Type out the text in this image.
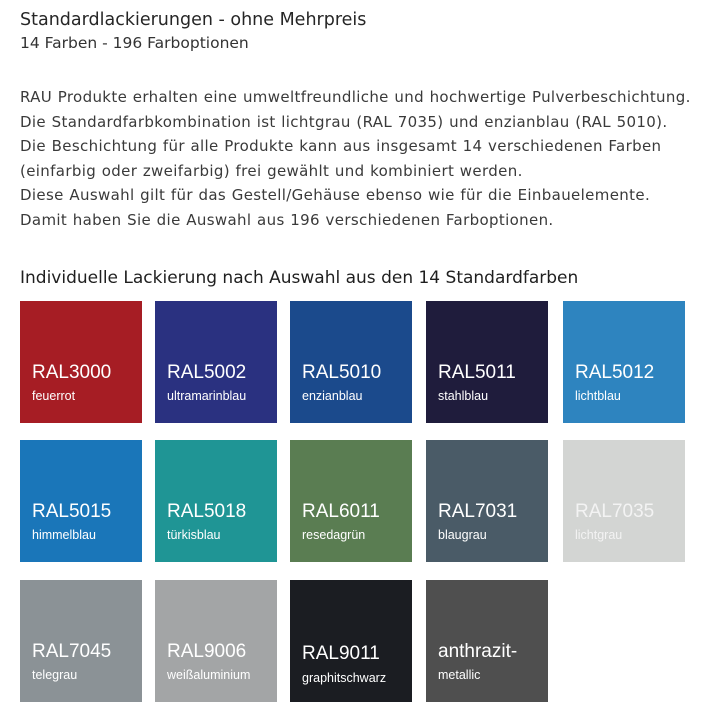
Standardlackierungen - ohne Mehrpreis
14 Farben - 196 Farboptionen
RAU Produkte erhalten eine umweltfreundliche und hochwertige Pulverbeschichtung.
Die Standardfarbkombination ist lichtgrau (RAL 7035) und enzianblau (RAL 5010).
Die Beschichtung für alle Produkte kann aus insgesamt 14 verschiedenen Farben
(einfarbig oder zweifarbig) frei gewählt und kombiniert werden.
Diese Auswahl gilt für das Gestell/Gehäuse ebenso wie für die Einbauelemente.
Damit haben Sie die Auswahl aus 196 verschiedenen Farboptionen.
Individuelle Lackierung nach Auswahl aus den 14 Standardfarben
RAL3000
feuerrot
RAL5002
ultramarinblau
RAL5010
enzianblau
RAL5011
stahlblau
RAL5012
lichtblau
RAL5015
himmelblau
RAL5018
türkisblau
RAL6011
resedagrün
RAL7031
blaugrau
RAL7035
lichtgrau
RAL7045
telegrau
RAL9006
weißaluminium
RAL9011
graphitschwarz
anthrazit-
metallic
